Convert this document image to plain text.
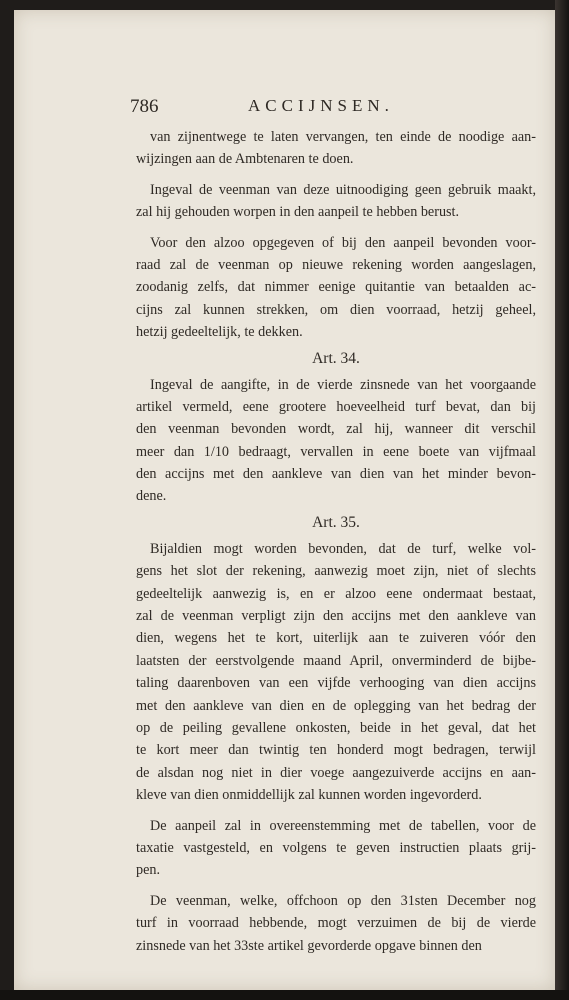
786	ACCIJNSEN.
van zijnentwege te laten vervangen, ten einde de noodige aan-
wijzingen aan de Ambtenaren te doen.
Ingeval de veenman van deze uitnoodiging geen gebruik maakt,
zal hij gehouden worpen in den aanpeil te hebben berust.
Voor den alzoo opgegeven of bij den aanpeil bevonden voor-
raad zal de veenman op nieuwe rekening worden aangeslagen,
zoodanig zelfs, dat nimmer eenige quitantie van betaalden ac-
cijns zal kunnen strekken, om dien voorraad, hetzij geheel,
hetzij gedeeltelijk, te dekken.
Art. 34.
Ingeval de aangifte, in de vierde zinsnede van het voorgaande
artikel vermeld, eene grootere hoeveelheid turf bevat, dan bij
den veenman bevonden wordt, zal hij, wanneer dit verschil
meer dan 1/10 bedraagt, vervallen in eene boete van vijfmaal
den accijns met den aankleve van dien van het minder bevon-
dene.
Art. 35.
Bijaldien mogt worden bevonden, dat de turf, welke vol-
gens het slot der rekening, aanwezig moet zijn, niet of slechts
gedeeltelijk aanwezig is, en er alzoo eene ondermaat bestaat,
zal de veenman verpligt zijn den accijns met den aankleve van
dien, wegens het te kort, uiterlijk aan te zuiveren vóór den
laatsten der eerstvolgende maand April, onverminderd de bijbe-
taling daarenboven van een vijfde verhooging van dien accijns
met den aankleve van dien en de oplegging van het bedrag der
op de peiling gevallene onkosten, beide in het geval, dat het
te kort meer dan twintig ten honderd mogt bedragen, terwijl
de alsdan nog niet in dier voege aangezuiverde accijns en aan-
kleve van dien onmiddellijk zal kunnen worden ingevorderd.
De aanpeil zal in overeenstemming met de tabellen, voor de
taxatie vastgesteld, en volgens te geven instructien plaats grij-
pen.
De veenman, welke, offchoon op den 31sten December nog
turf in voorraad hebbende, mogt verzuimen de bij de vierde
zinsnede van het 33ste artikel gevorderde opgave binnen den
